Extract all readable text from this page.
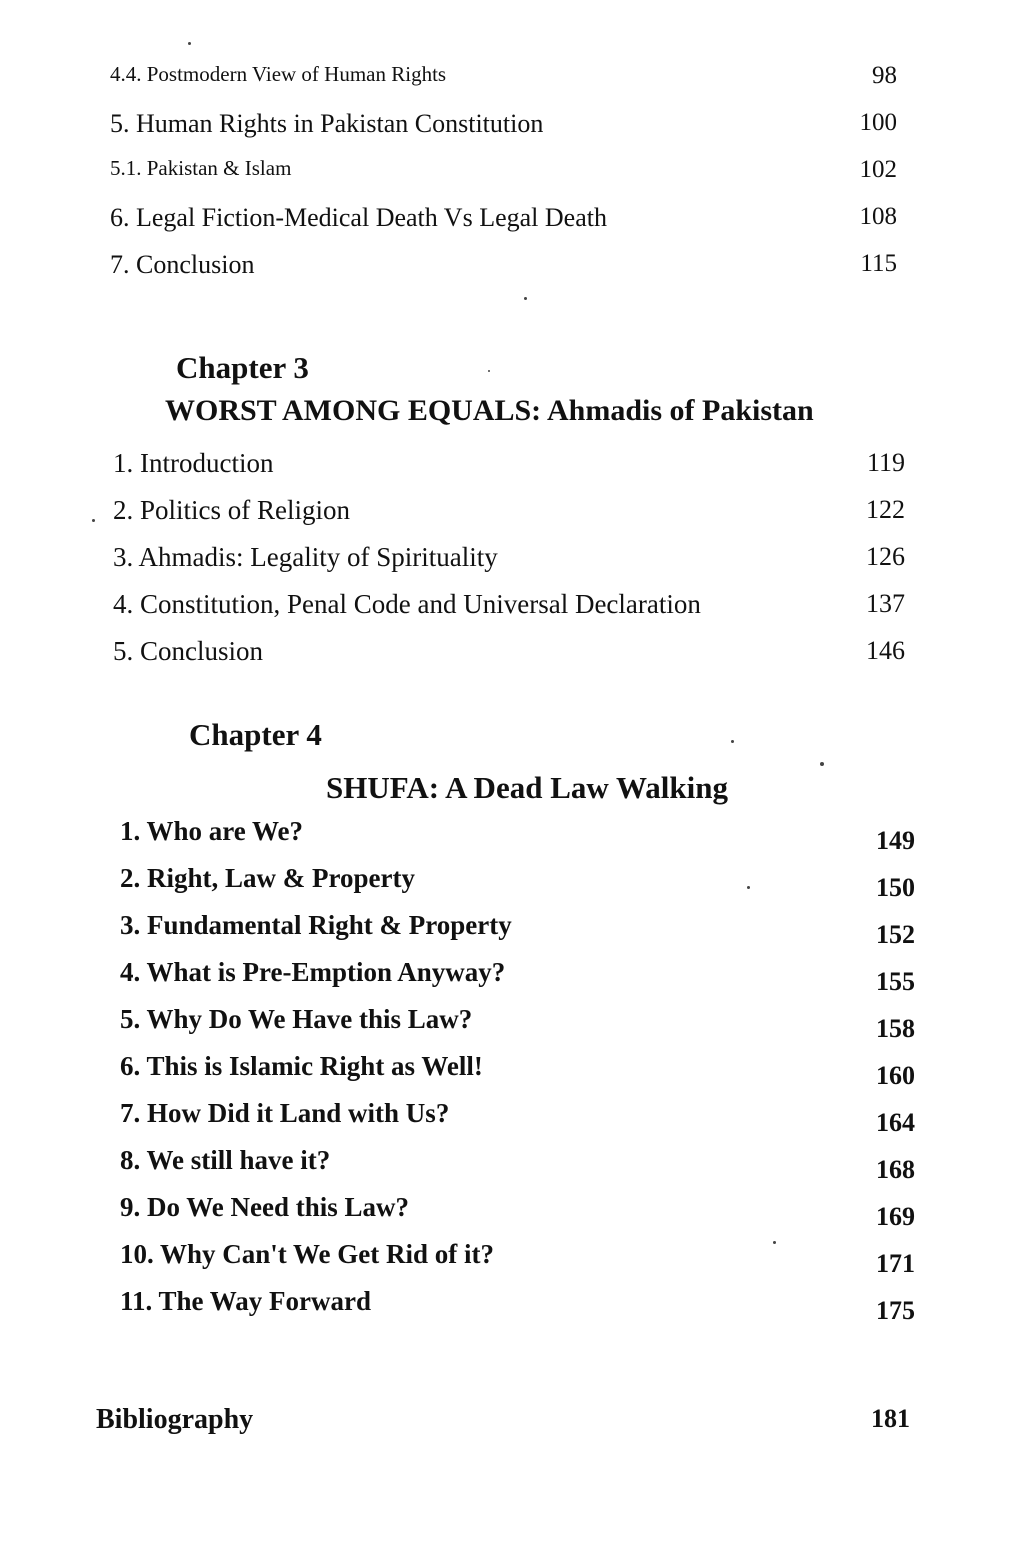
4.4. Postmodern View of Human Rights	98
5. Human Rights in Pakistan Constitution	100
5.1. Pakistan & Islam	102
6. Legal Fiction-Medical Death Vs Legal Death	108
7. Conclusion	115
Chapter 3
WORST AMONG EQUALS: Ahmadis of Pakistan
1. Introduction	119
2. Politics of Religion	122
3. Ahmadis: Legality of Spirituality	126
4. Constitution, Penal Code and Universal Declaration	137
5. Conclusion	146
Chapter 4
SHUFA: A Dead Law Walking
1. Who are We?	149
2. Right, Law & Property	150
3. Fundamental Right & Property	152
4. What is Pre-Emption Anyway?	155
5. Why Do We Have this Law?	158
6. This is Islamic Right as Well!	160
7. How Did it Land with Us?	164
8. We still have it?	168
9. Do We Need this Law?	169
10. Why Can't We Get Rid of it?	171
11. The Way Forward	175
Bibliography	181
